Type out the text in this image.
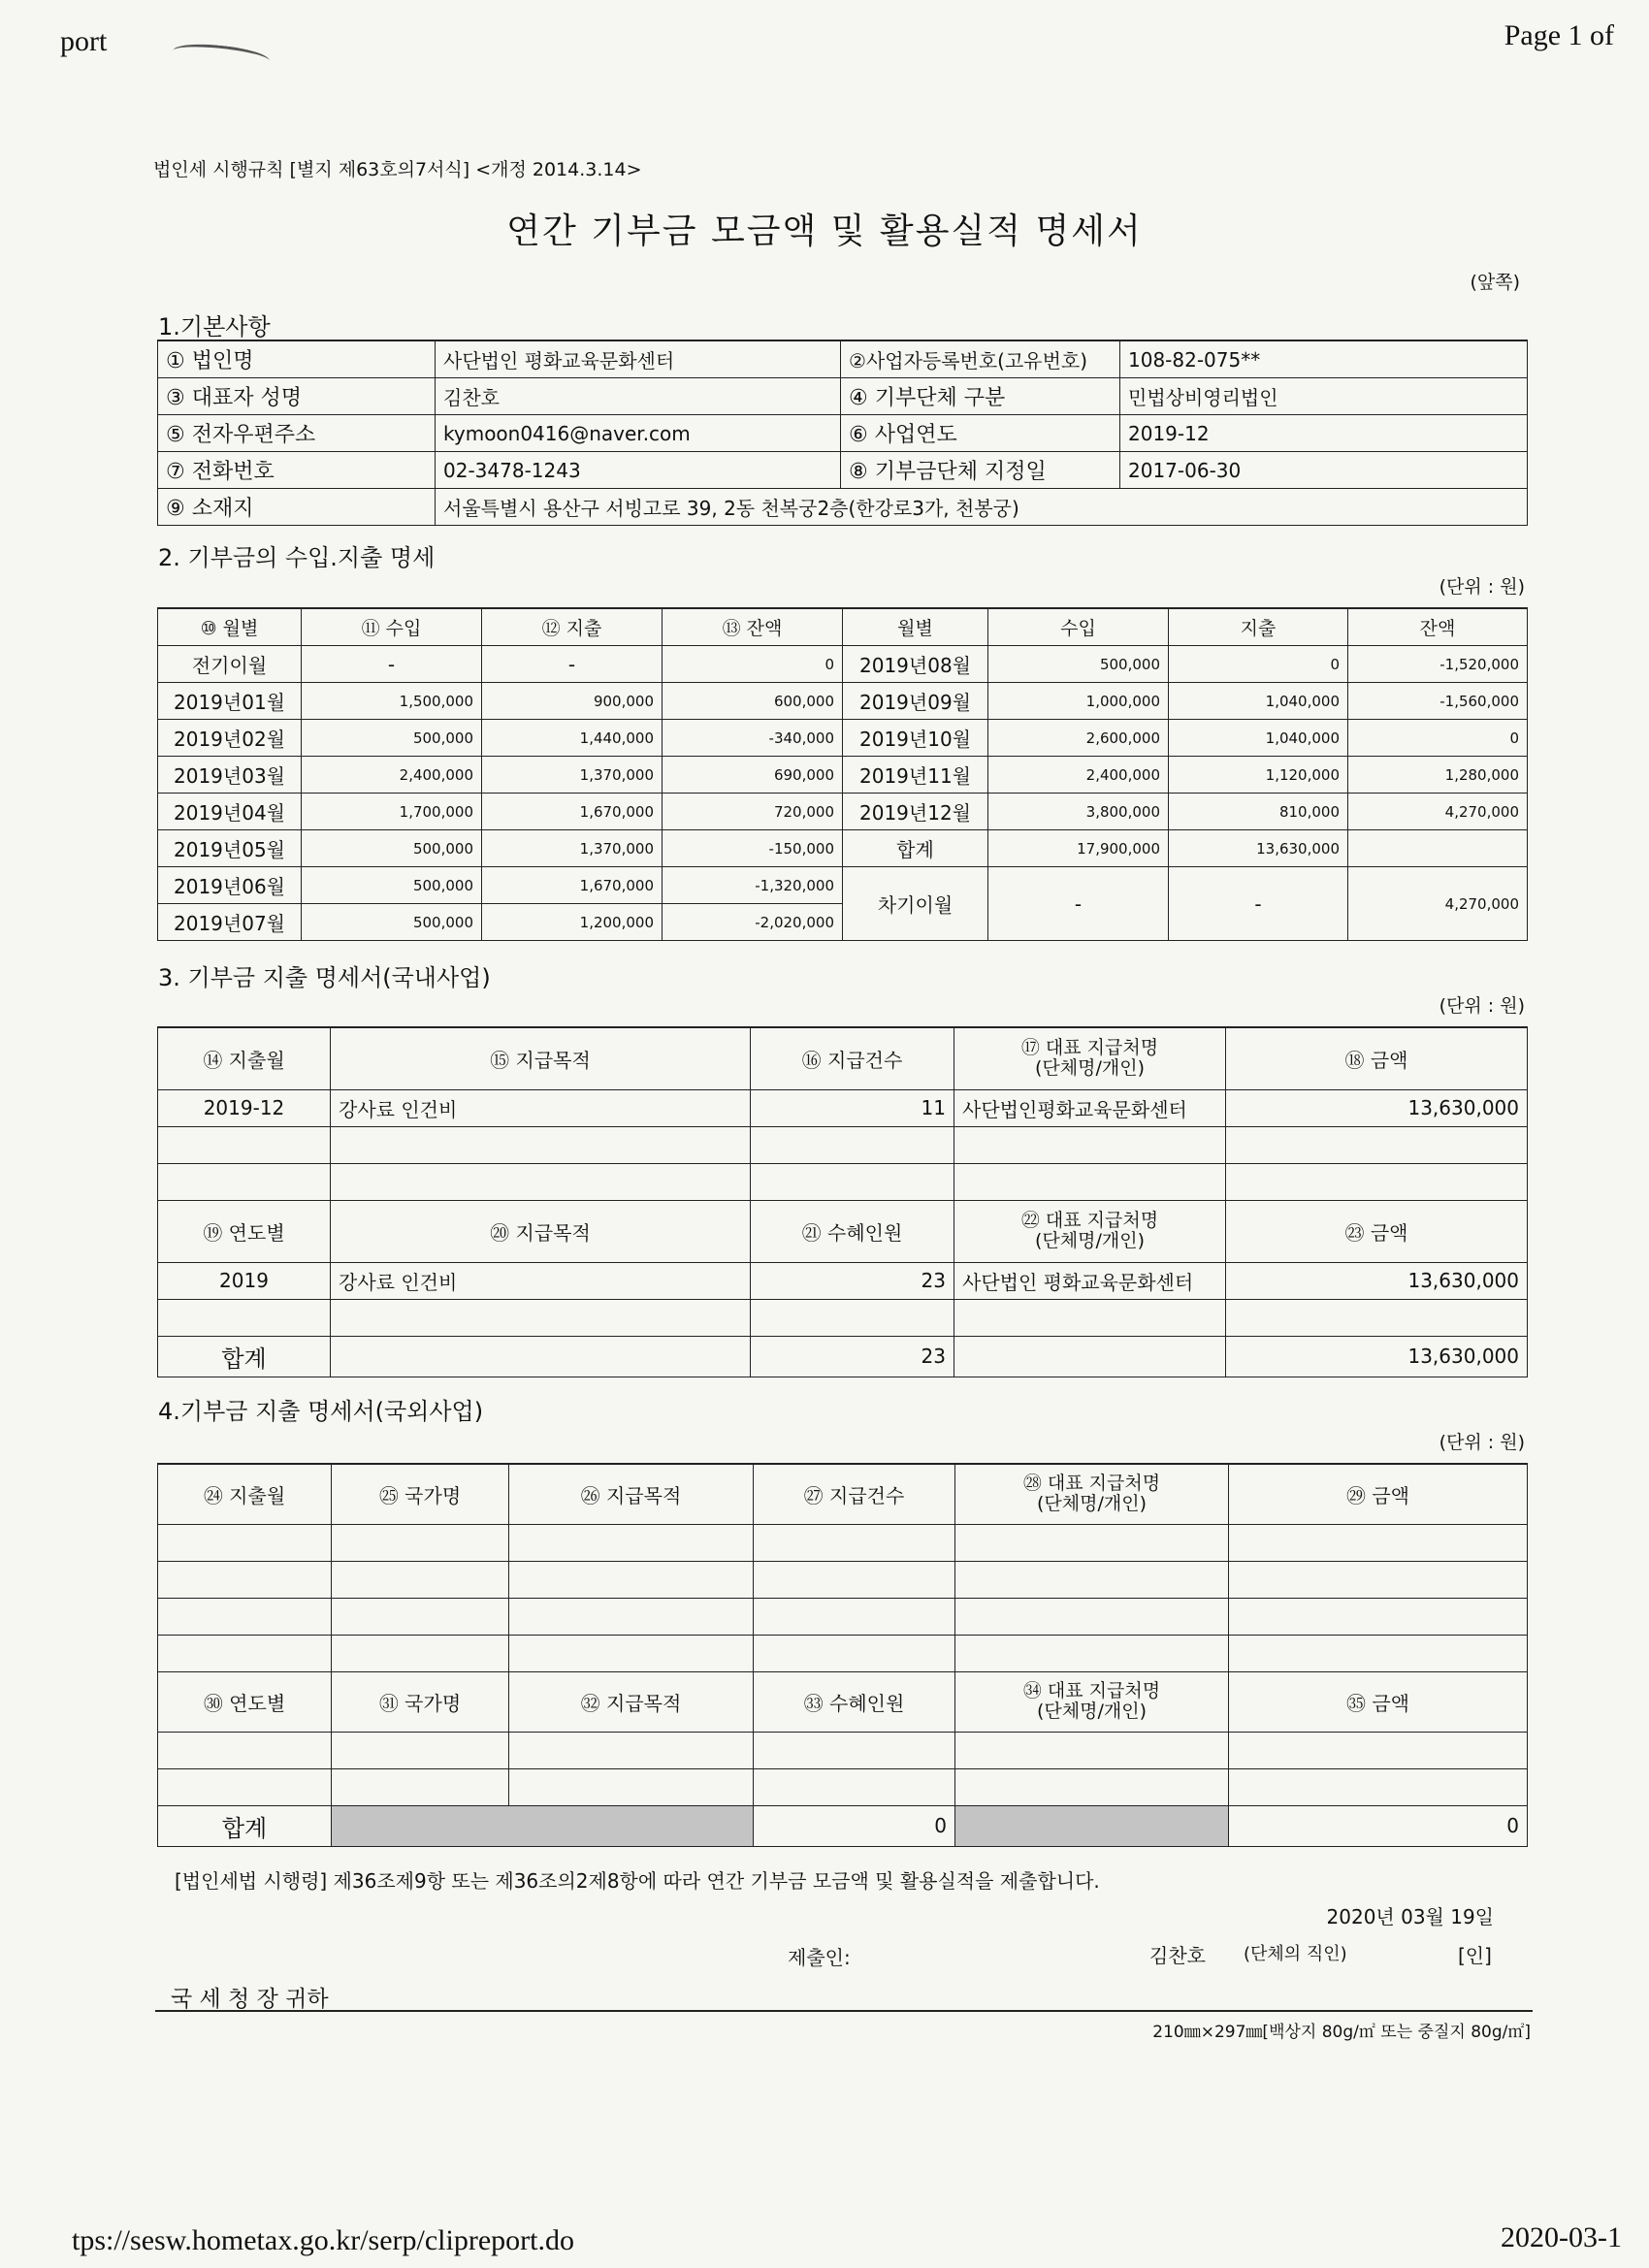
port	Page 1 of
법인세 시행규칙 [별지 제63호의7서식] <개정 2014.3.14>
연간 기부금 모금액 및 활용실적 명세서
(앞쪽)
1.기본사항
① 법인명	사단법인 평화교육문화센터	②사업자등록번호(고유번호)	108-82-075**
③ 대표자 성명	김찬호	④ 기부단체 구분	민법상비영리법인
⑤ 전자우편주소	kymoon0416@naver.com	⑥ 사업연도	2019-12
⑦ 전화번호	02-3478-1243	⑧ 기부금단체 지정일	2017-06-30
⑨ 소재지	서울특별시 용산구 서빙고로 39, 2동 천복궁2층(한강로3가, 천봉궁)		
2. 기부금의 수입.지출 명세
(단위 : 원)
⑩ 월별	⑪ 수입	⑫ 지출	⑬ 잔액	월별	수입	지출	잔액
전기이월	-	-	0	2019년08월	500,000	0	-1,520,000
2019년01월	1,500,000	900,000	600,000	2019년09월	1,000,000	1,040,000	-1,560,000
2019년02월	500,000	1,440,000	-340,000	2019년10월	2,600,000	1,040,000	0
2019년03월	2,400,000	1,370,000	690,000	2019년11월	2,400,000	1,120,000	1,280,000
2019년04월	1,700,000	1,670,000	720,000	2019년12월	3,800,000	810,000	4,270,000
2019년05월	500,000	1,370,000	-150,000	합계	17,900,000	13,630,000	
2019년06월	500,000	1,670,000	-1,320,000	차기이월	-	-	4,270,000
2019년07월	500,000	1,200,000	-2,020,000				
3. 기부금 지출 명세서(국내사업)
(단위 : 원)
⑭ 지출월	⑮ 지급목적	⑯ 지급건수	⑰ 대표 지급처명
(단체명/개인)	⑱ 금액
2019-12	강사료 인건비	11	사단법인평화교육문화센터	13,630,000

⑲ 연도별	⑳ 지급목적	㉑ 수혜인원	㉒ 대표 지급처명
(단체명/개인)	㉓ 금액
2019	강사료 인건비	23	사단법인 평화교육문화센터	13,630,000

합계		23		13,630,000
4.기부금 지출 명세서(국외사업)
(단위 : 원)
㉔ 지출월	㉕ 국가명	㉖ 지급목적	㉗ 지급건수	㉘ 대표 지급처명
(단체명/개인)	㉙ 금액

㉚ 연도별	㉛ 국가명	㉜ 지급목적	㉝ 수혜인원	㉞ 대표 지급처명
(단체명/개인)	㉟ 금액

합계			0		0
[법인세법 시행령] 제36조제9항 또는 제36조의2제8항에 따라 연간 기부금 모금액 및 활용실적을 제출합니다.
2020년 03월 19일
제출인:	김찬호 (단체의 직인)	[인]
국 세 청 장 귀하
210㎜×297㎜[백상지 80g/㎡ 또는 중질지 80g/㎡]
tps://sesw.hometax.go.kr/serp/clipreport.do	2020-03-1
